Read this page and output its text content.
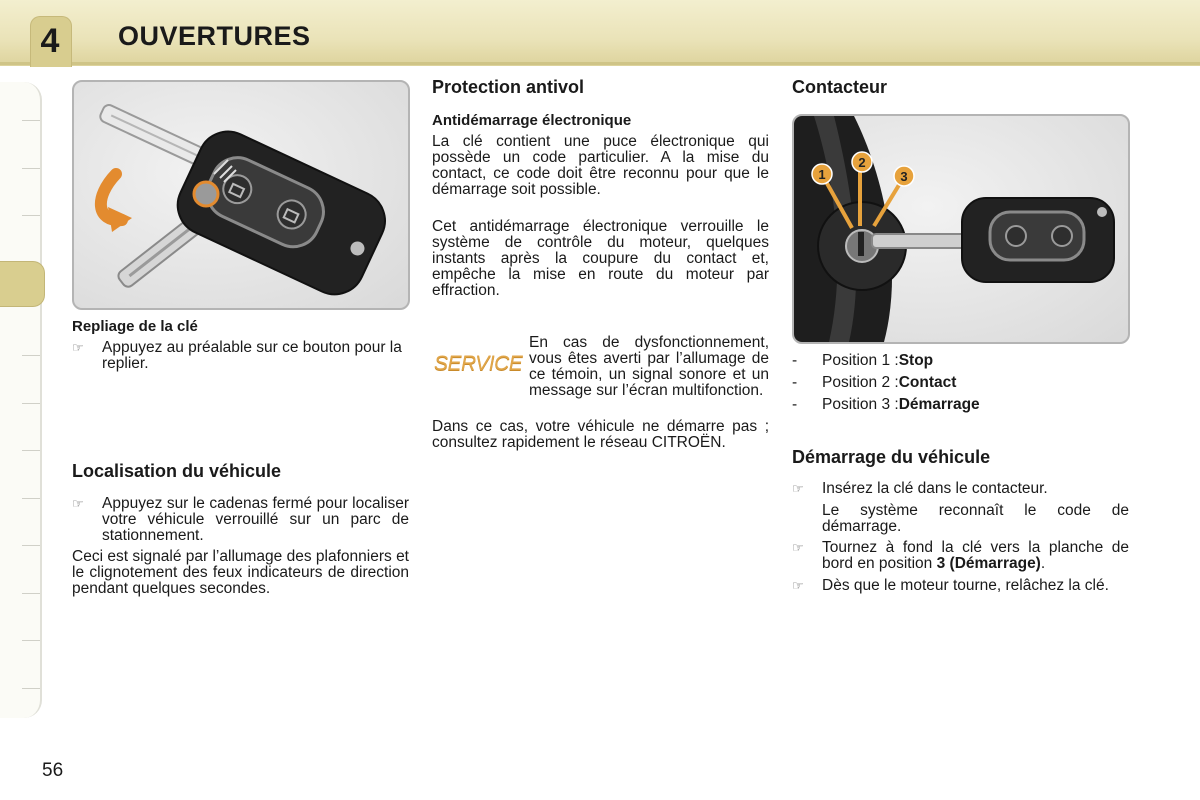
4	OUVERTURES
Repliage de la clé
☞	Appuyez au préalable sur ce bouton pour la replier.
Localisation du véhicule
☞	Appuyez sur le cadenas fermé pour localiser votre véhicule verrouillé sur un parc de stationnement.
Ceci est signalé par l’allumage des plafonniers et le clignotement des feux indicateurs de direction pendant quelques secondes.
Protection antivol
Antidémarrage électronique
La clé contient une puce électronique qui possède un code particulier. A la mise du contact, ce code doit être reconnu pour que le démarrage soit possible.
Cet antidémarrage électronique verrouille le système de contrôle du moteur, quelques instants après la coupure du contact et, empêche la mise en route du moteur par effraction.
SERVICE
En cas de dysfonctionnement, vous êtes averti par l’allumage de ce témoin, un signal sonore et un message sur l’écran multifonction.
Dans ce cas, votre véhicule ne démarre pas ; consultez rapidement le réseau CITROËN.
Contacteur
1
2
3
-	Position 1 : Stop
-	Position 2 : Contact
-	Position 3 : Démarrage
Démarrage du véhicule
☞	Insérez la clé dans le contacteur.
Le système reconnaît le code de démarrage.
☞	Tournez à fond la clé vers la planche de bord en position 3 (Démarrage).
☞	Dès que le moteur tourne, relâchez la clé.
56
